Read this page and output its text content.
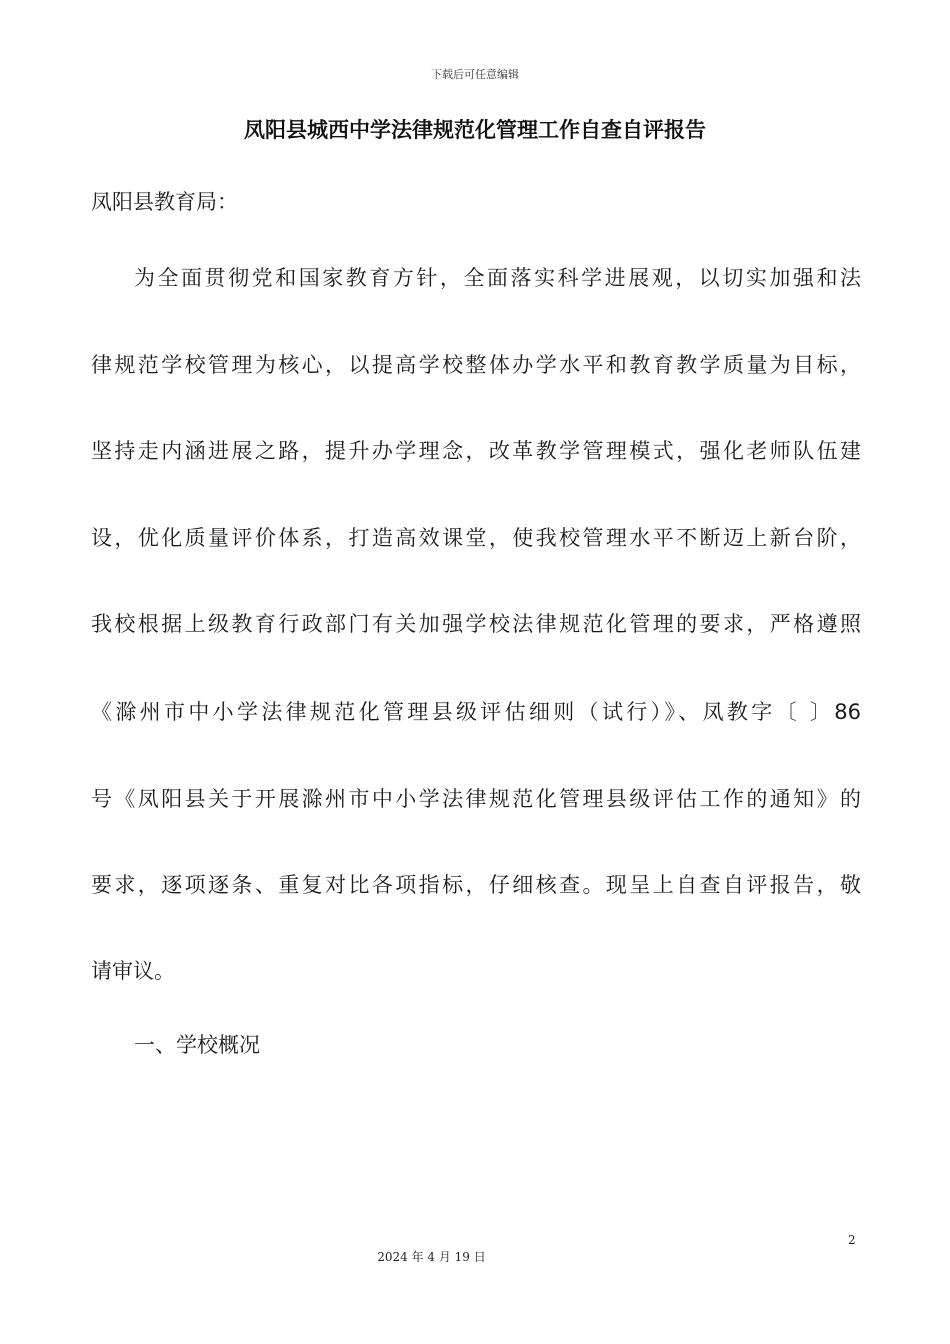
下载后可任意编辑
凤阳县城西中学法律规范化管理工作自查自评报告
凤阳县教育局：
为全面贯彻党和国家教育方针，全面落实科学进展观，以切实加强和法
律规范学校管理为核心，以提高学校整体办学水平和教育教学质量为目标，
坚持走内涵进展之路，提升办学理念，改革教学管理模式，强化老师队伍建
设，优化质量评价体系，打造高效课堂，使我校管理水平不断迈上新台阶，
我校根据上级教育行政部门有关加强学校法律规范化管理的要求，严格遵照
《滁州市中小学法律规范化管理县级评估细则（试行）》、凤教字〔 〕86
号《凤阳县关于开展滁州市中小学法律规范化管理县级评估工作的通知》的
要求，逐项逐条、重复对比各项指标，仔细核查。现呈上自查自评报告，敬
请审议。
一、学校概况
2
2024 年 4 月 19 日
